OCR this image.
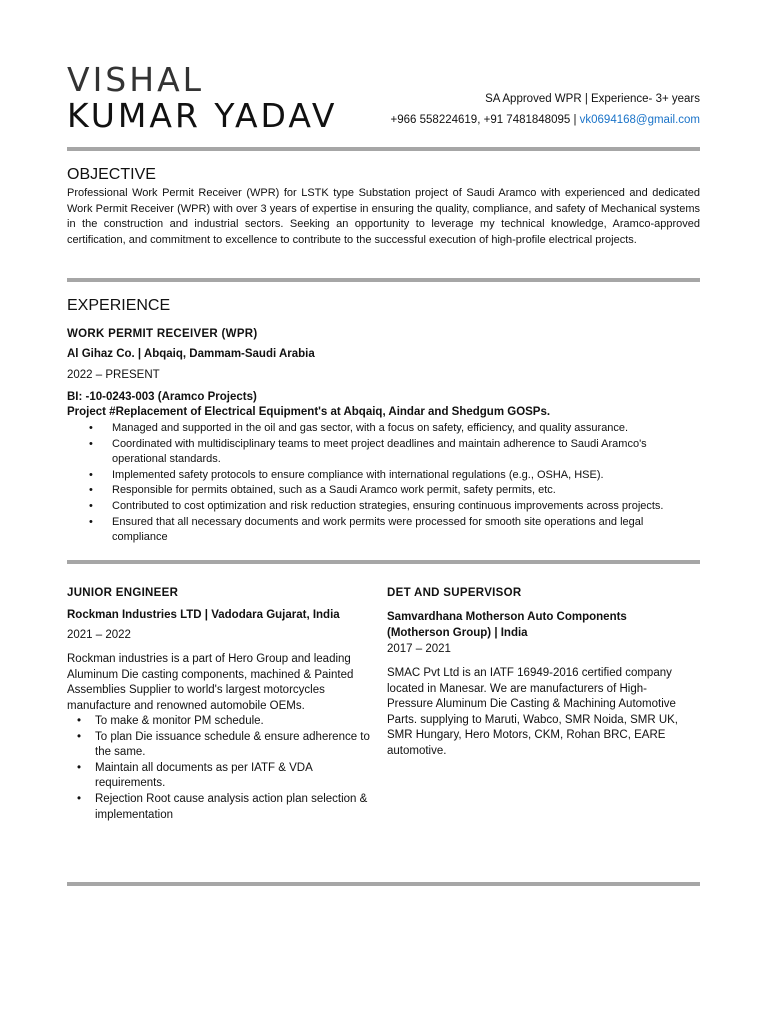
VISHAL
KUMAR YADAV	SA Approved WPR | Experience- 3+ years
+966 558224619, +91 7481848095 | vk0694168@gmail.com
OBJECTIVE
Professional Work Permit Receiver (WPR) for LSTK type Substation project of Saudi Aramco with experienced and dedicated Work Permit Receiver (WPR) with over 3 years of expertise in ensuring the quality, compliance, and safety of Mechanical systems in the construction and industrial sectors. Seeking an opportunity to leverage my technical knowledge, Aramco-approved certification, and commitment to excellence to contribute to the successful execution of high-profile electrical projects.
EXPERIENCE
WORK PERMIT RECEIVER (WPR)
Al Gihaz Co. | Abqaiq, Dammam-Saudi Arabia
2022 – PRESENT
BI: -10-0243-003 (Aramco Projects)
Project #Replacement of Electrical Equipment's at Abqaiq, Aindar and Shedgum GOSPs.
• Managed and supported in the oil and gas sector, with a focus on safety, efficiency, and quality assurance.
• Coordinated with multidisciplinary teams to meet project deadlines and maintain adherence to Saudi Aramco's operational standards.
• Implemented safety protocols to ensure compliance with international regulations (e.g., OSHA, HSE).
• Responsible for permits obtained, such as a Saudi Aramco work permit, safety permits, etc.
• Contributed to cost optimization and risk reduction strategies, ensuring continuous improvements across projects.
• Ensured that all necessary documents and work permits were processed for smooth site operations and legal compliance
JUNIOR ENGINEER
Rockman Industries LTD | Vadodara Gujarat, India
2021 – 2022
Rockman industries is a part of Hero Group and leading Aluminum Die casting components, machined & Painted Assemblies Supplier to world's largest motorcycles manufacture and renowned automobile OEMs.
• To make & monitor PM schedule.
• To plan Die issuance schedule & ensure adherence to the same.
• Maintain all documents as per IATF & VDA requirements.
• Rejection Root cause analysis action plan selection & implementation
DET AND SUPERVISOR
Samvardhana Motherson Auto Components (Motherson Group) | India
2017 – 2021
SMAC Pvt Ltd is an IATF 16949-2016 certified company located in Manesar. We are manufacturers of High-Pressure Aluminum Die Casting & Machining Automotive Parts. supplying to Maruti, Wabco, SMR Noida, SMR UK, SMR Hungary, Hero Motors, CKM, Rohan BRC, EARE automotive.
